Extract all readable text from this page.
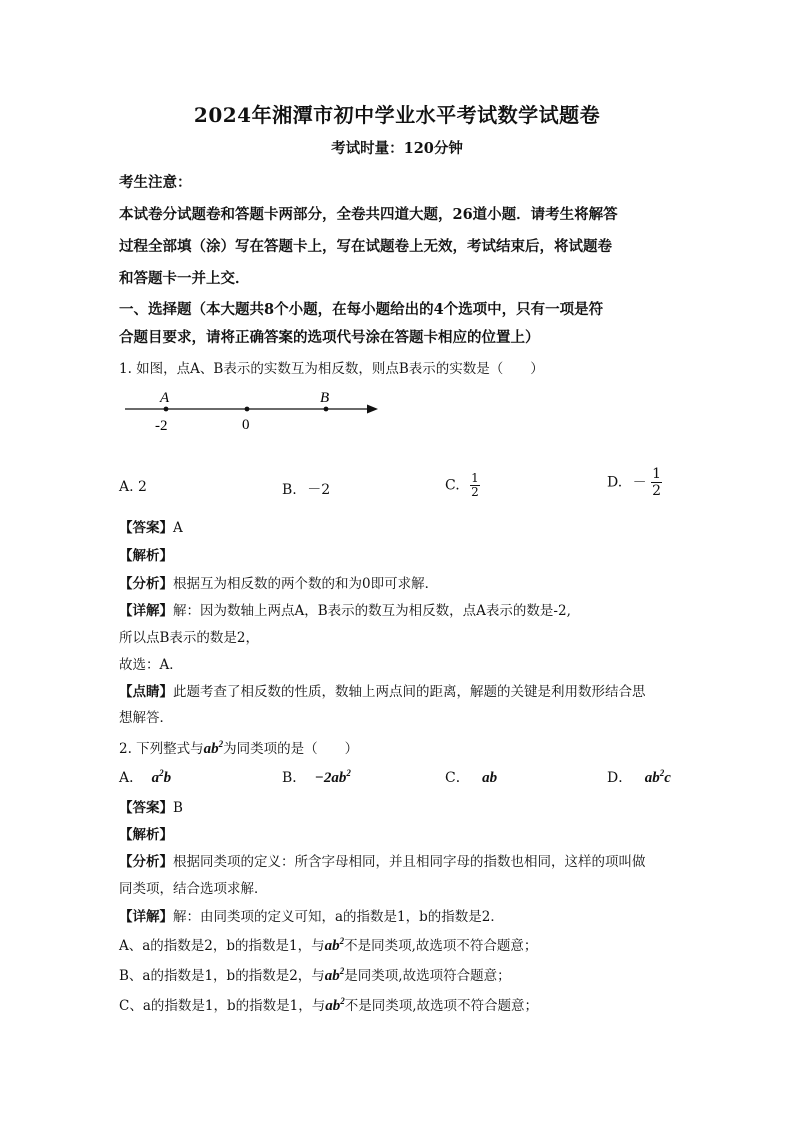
2024年湘潭市初中学业水平考试数学试题卷
考试时量：120分钟
考生注意：
本试卷分试题卷和答题卡两部分，全卷共四道大题，26道小题．请考生将解答
过程全部填（涂）写在答题卡上，写在试题卷上无效，考试结束后，将试题卷
和答题卡一并上交．
一、选择题（本大题共8个小题，在每小题给出的4个选项中，只有一项是符
合题目要求，请将正确答案的选项代号涂在答题卡相应的位置上）
1. 如图，点A、B表示的实数互为相反数，则点B表示的实数是（　　）
A	B
-2	0
A. 2	B. －2	C. $\frac{1}{2}$	D. － $\frac{1}{2}$
【答案】A
【解析】
【分析】根据互为相反数的两个数的和为0即可求解．
【详解】解：因为数轴上两点A，B表示的数互为相反数，点A表示的数是-2,
所以点B表示的数是2，
故选：A．
【点睛】此题考查了相反数的性质，数轴上两点间的距离，解题的关键是利用数形结合思
想解答．
2. 下列整式与$ab^2$为同类项的是（　　）
A． $a^2b$	B． $-2ab^2$	C． ab	D． $ab^2c$
【答案】B
【解析】
【分析】根据同类项的定义：所含字母相同，并且相同字母的指数也相同，这样的项叫做
同类项，结合选项求解．
【详解】解：由同类项的定义可知，a的指数是1，b的指数是2．
A、a的指数是2，b的指数是1，与$ab^2$不是同类项,故选项不符合题意；
B、a的指数是1，b的指数是2，与$ab^2$是同类项,故选项符合题意；
C、a的指数是1，b的指数是1，与$ab^2$不是同类项,故选项不符合题意；
